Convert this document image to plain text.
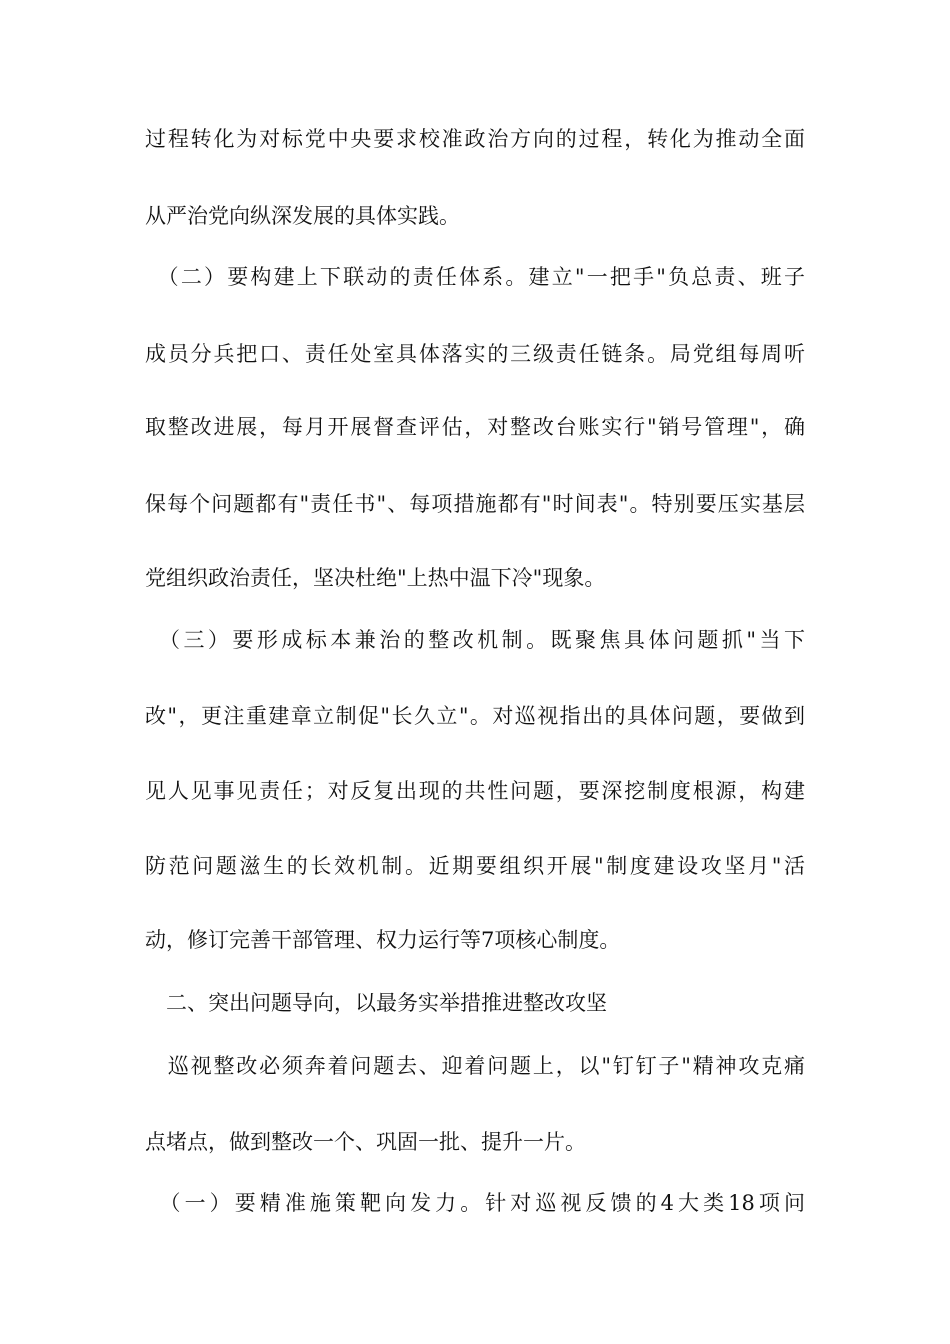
过程转化为对标党中央要求校准政治方向的过程，转化为推动全面
从严治党向纵深发展的具体实践。
　（二）要构建上下联动的责任体系。建立"一把手"负总责、班子
成员分兵把口、责任处室具体落实的三级责任链条。局党组每周听
取整改进展，每月开展督查评估，对整改台账实行"销号管理"，确
保每个问题都有"责任书"、每项措施都有"时间表"。特别要压实基层
党组织政治责任，坚决杜绝"上热中温下冷"现象。
　（三）要形成标本兼治的整改机制。既聚焦具体问题抓"当下
改"，更注重建章立制促"长久立"。对巡视指出的具体问题，要做到
见人见事见责任；对反复出现的共性问题，要深挖制度根源，构建
防范问题滋生的长效机制。近期要组织开展"制度建设攻坚月"活
动，修订完善干部管理、权力运行等7项核心制度。
　二、突出问题导向，以最务实举措推进整改攻坚
　巡视整改必须奔着问题去、迎着问题上，以"钉钉子"精神攻克痛
点堵点，做到整改一个、巩固一批、提升一片。
　（一）要精准施策靶向发力。针对巡视反馈的4大类18项问
